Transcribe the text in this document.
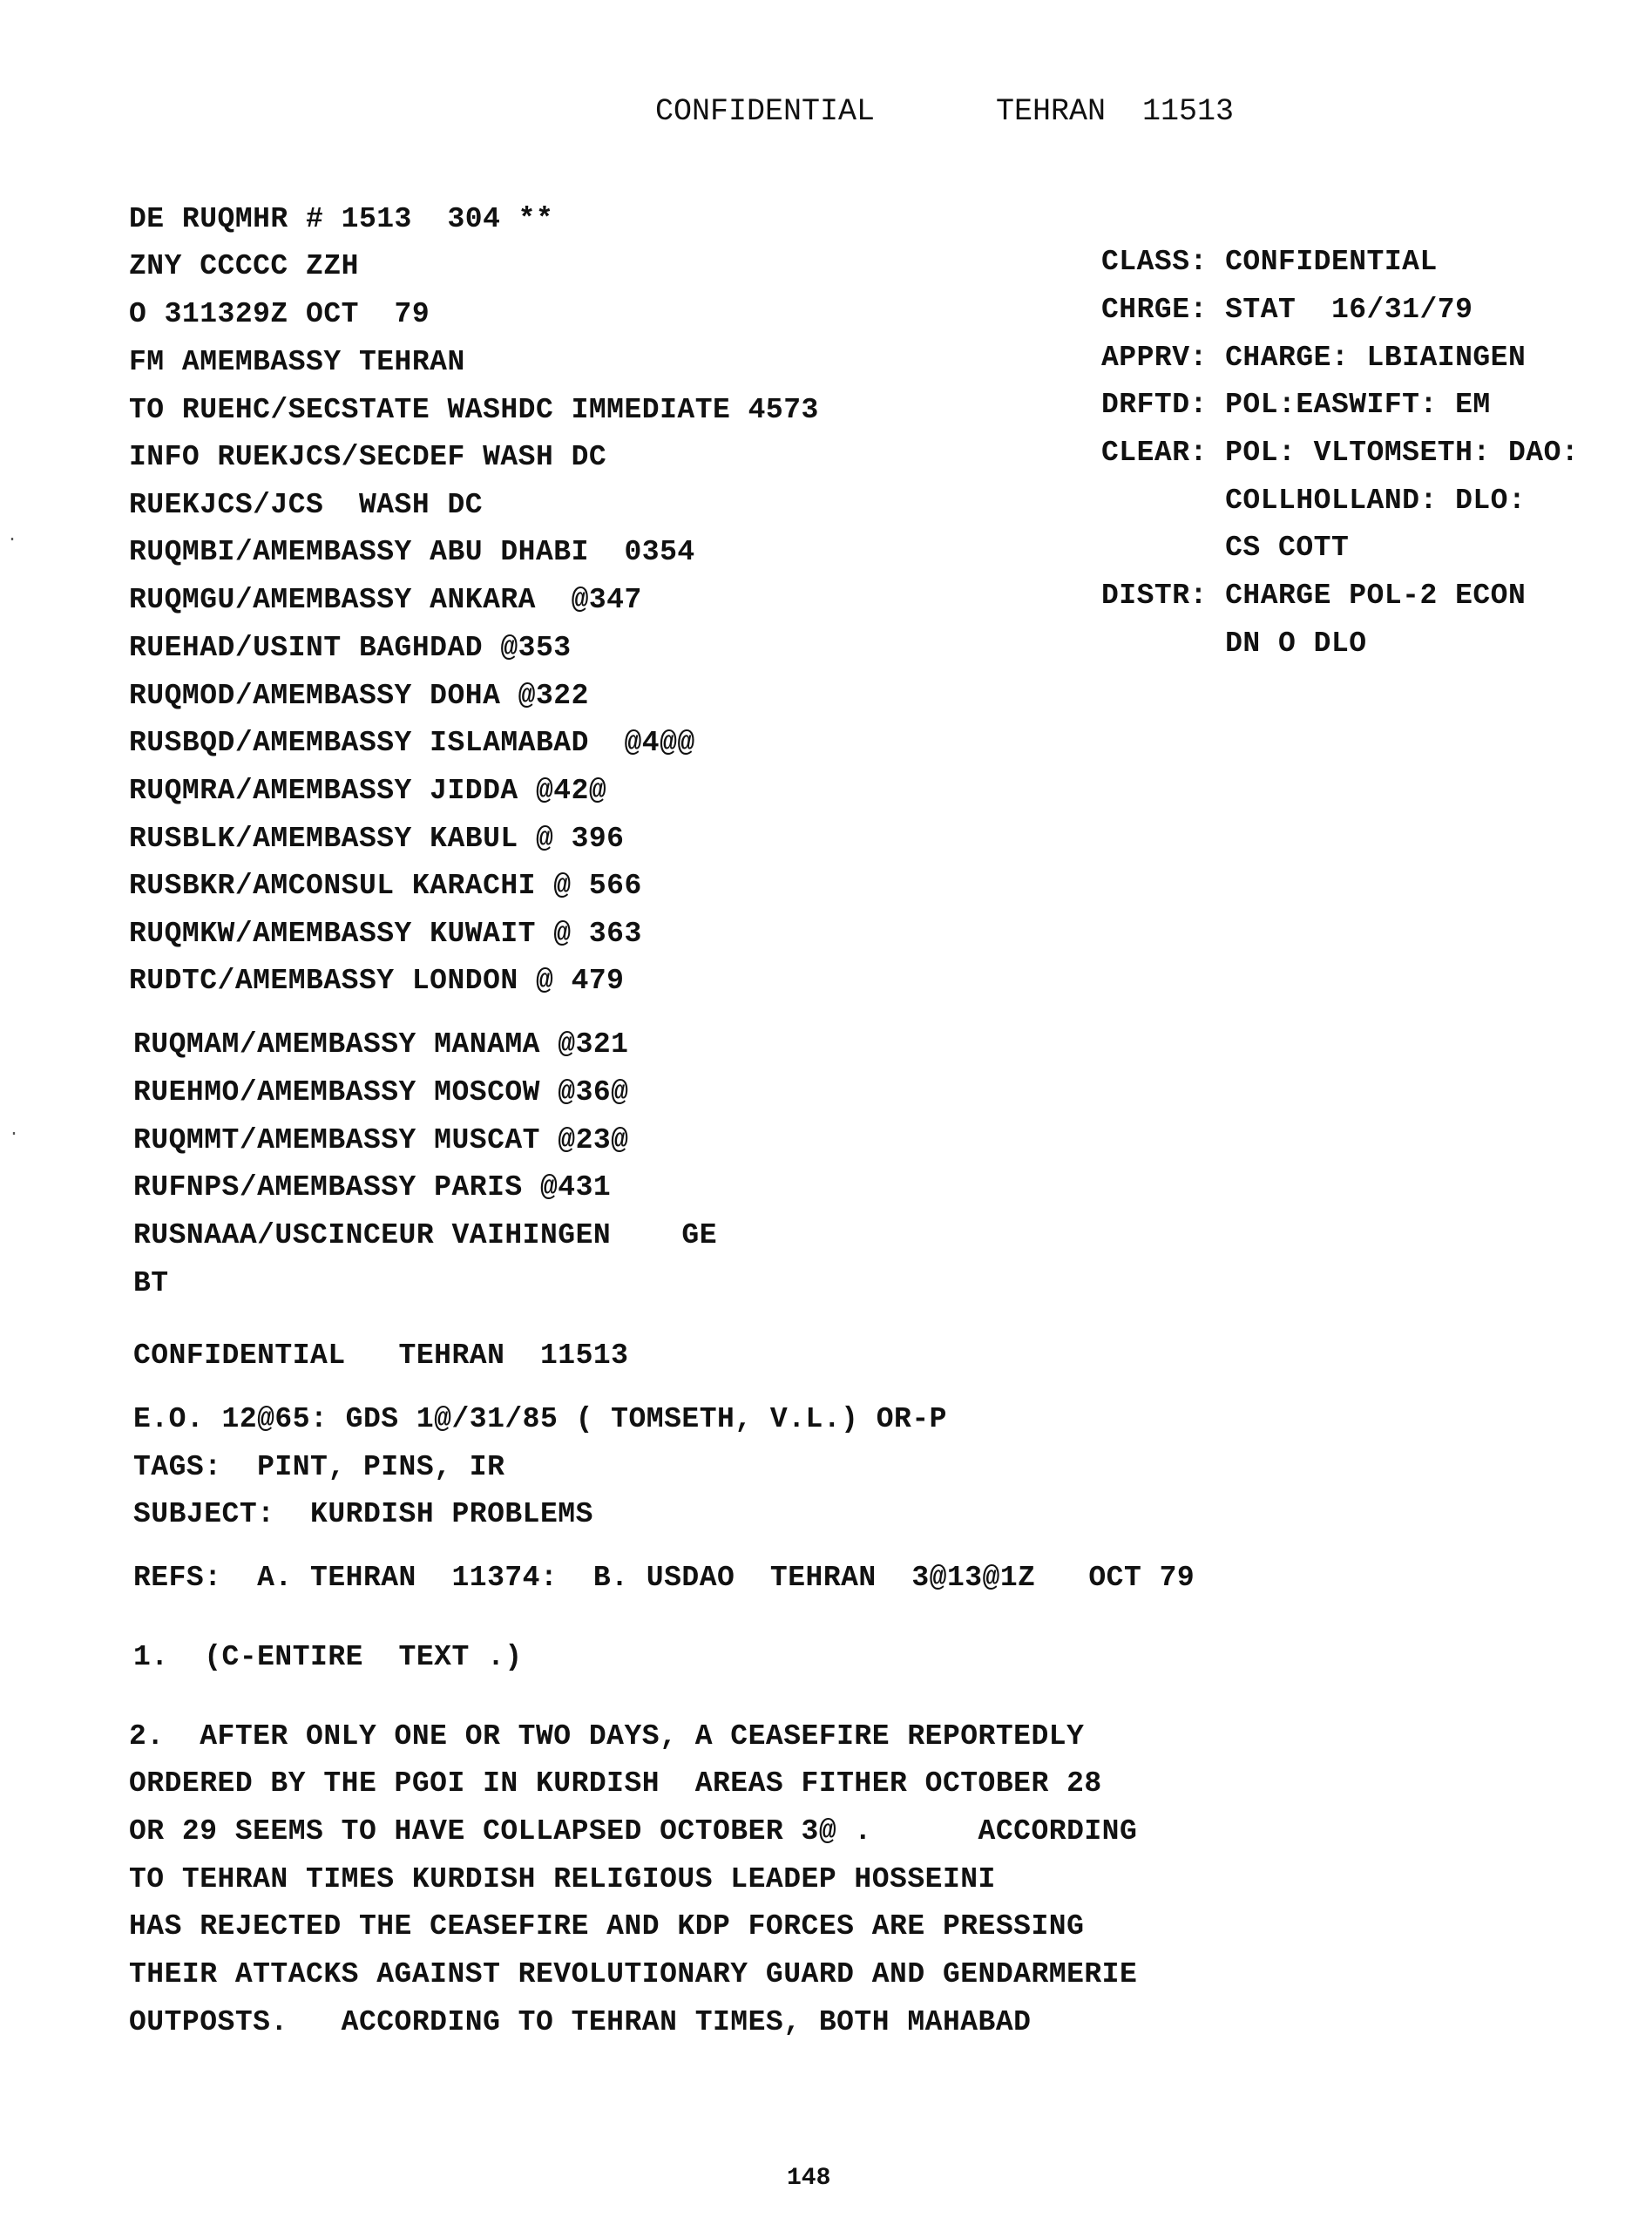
CONFIDENTIAL	TEHRAN  11513
DE RUQMHR # 1513  304 **
ZNY CCCCC ZZH
O 311329Z OCT  79
FM AMEMBASSY TEHRAN
TO RUEHC/SECSTATE WASHDC IMMEDIATE 4573
INFO RUEKJCS/SECDEF WASH DC
RUEKJCS/JCS  WASH DC
RUQMBI/AMEMBASSY ABU DHABI  0354
RUQMGU/AMEMBASSY ANKARA  @347
RUEHAD/USINT BAGHDAD @353
RUQMOD/AMEMBASSY DOHA @322
RUSBQD/AMEMBASSY ISLAMABAD  @4@@
RUQMRA/AMEMBASSY JIDDA @42@
RUSBLK/AMEMBASSY KABUL @ 396
RUSBKR/AMCONSUL KARACHI @ 566
RUQMKW/AMEMBASSY KUWAIT @ 363
RUDTC/AMEMBASSY LONDON @ 479
RUQMAM/AMEMBASSY MANAMA @321
RUEHMO/AMEMBASSY MOSCOW @36@
RUQMMT/AMEMBASSY MUSCAT @23@
RUFNPS/AMEMBASSY PARIS @431
RUSNAAA/USCINCEUR VAIHINGEN    GE
BT
CLASS: CONFIDENTIAL
CHRGE: STAT  16/31/79
APPRV: CHARGE: LBIAINGEN
DRFTD: POL:EASWIFT: EM
CLEAR: POL: VLTOMSETH: DAO:
COLLHOLLAND: DLO:
CS COTT
DISTR: CHARGE POL-2 ECON
DN O DLO
CONFIDENTIAL   TEHRAN  11513
E.O. 12@65: GDS 1@/31/85 ( TOMSETH, V.L.) OR-P
TAGS:  PINT, PINS, IR
SUBJECT:  KURDISH PROBLEMS
REFS:  A. TEHRAN  11374:  B. USDAO  TEHRAN  3@13@1Z   OCT 79
1.  (C-ENTIRE  TEXT .)
2.  AFTER ONLY ONE OR TWO DAYS, A CEASEFIRE REPORTEDLY
ORDERED BY THE PGOI IN KURDISH  AREAS FITHER OCTOBER 28
OR 29 SEEMS TO HAVE COLLAPSED OCTOBER 3@ .      ACCORDING
TO TEHRAN TIMES KURDISH RELIGIOUS LEADEP HOSSEINI
HAS REJECTED THE CEASEFIRE AND KDP FORCES ARE PRESSING
THEIR ATTACKS AGAINST REVOLUTIONARY GUARD AND GENDARMERIE
OUTPOSTS.   ACCORDING TO TEHRAN TIMES, BOTH MAHABAD
148
·
·
